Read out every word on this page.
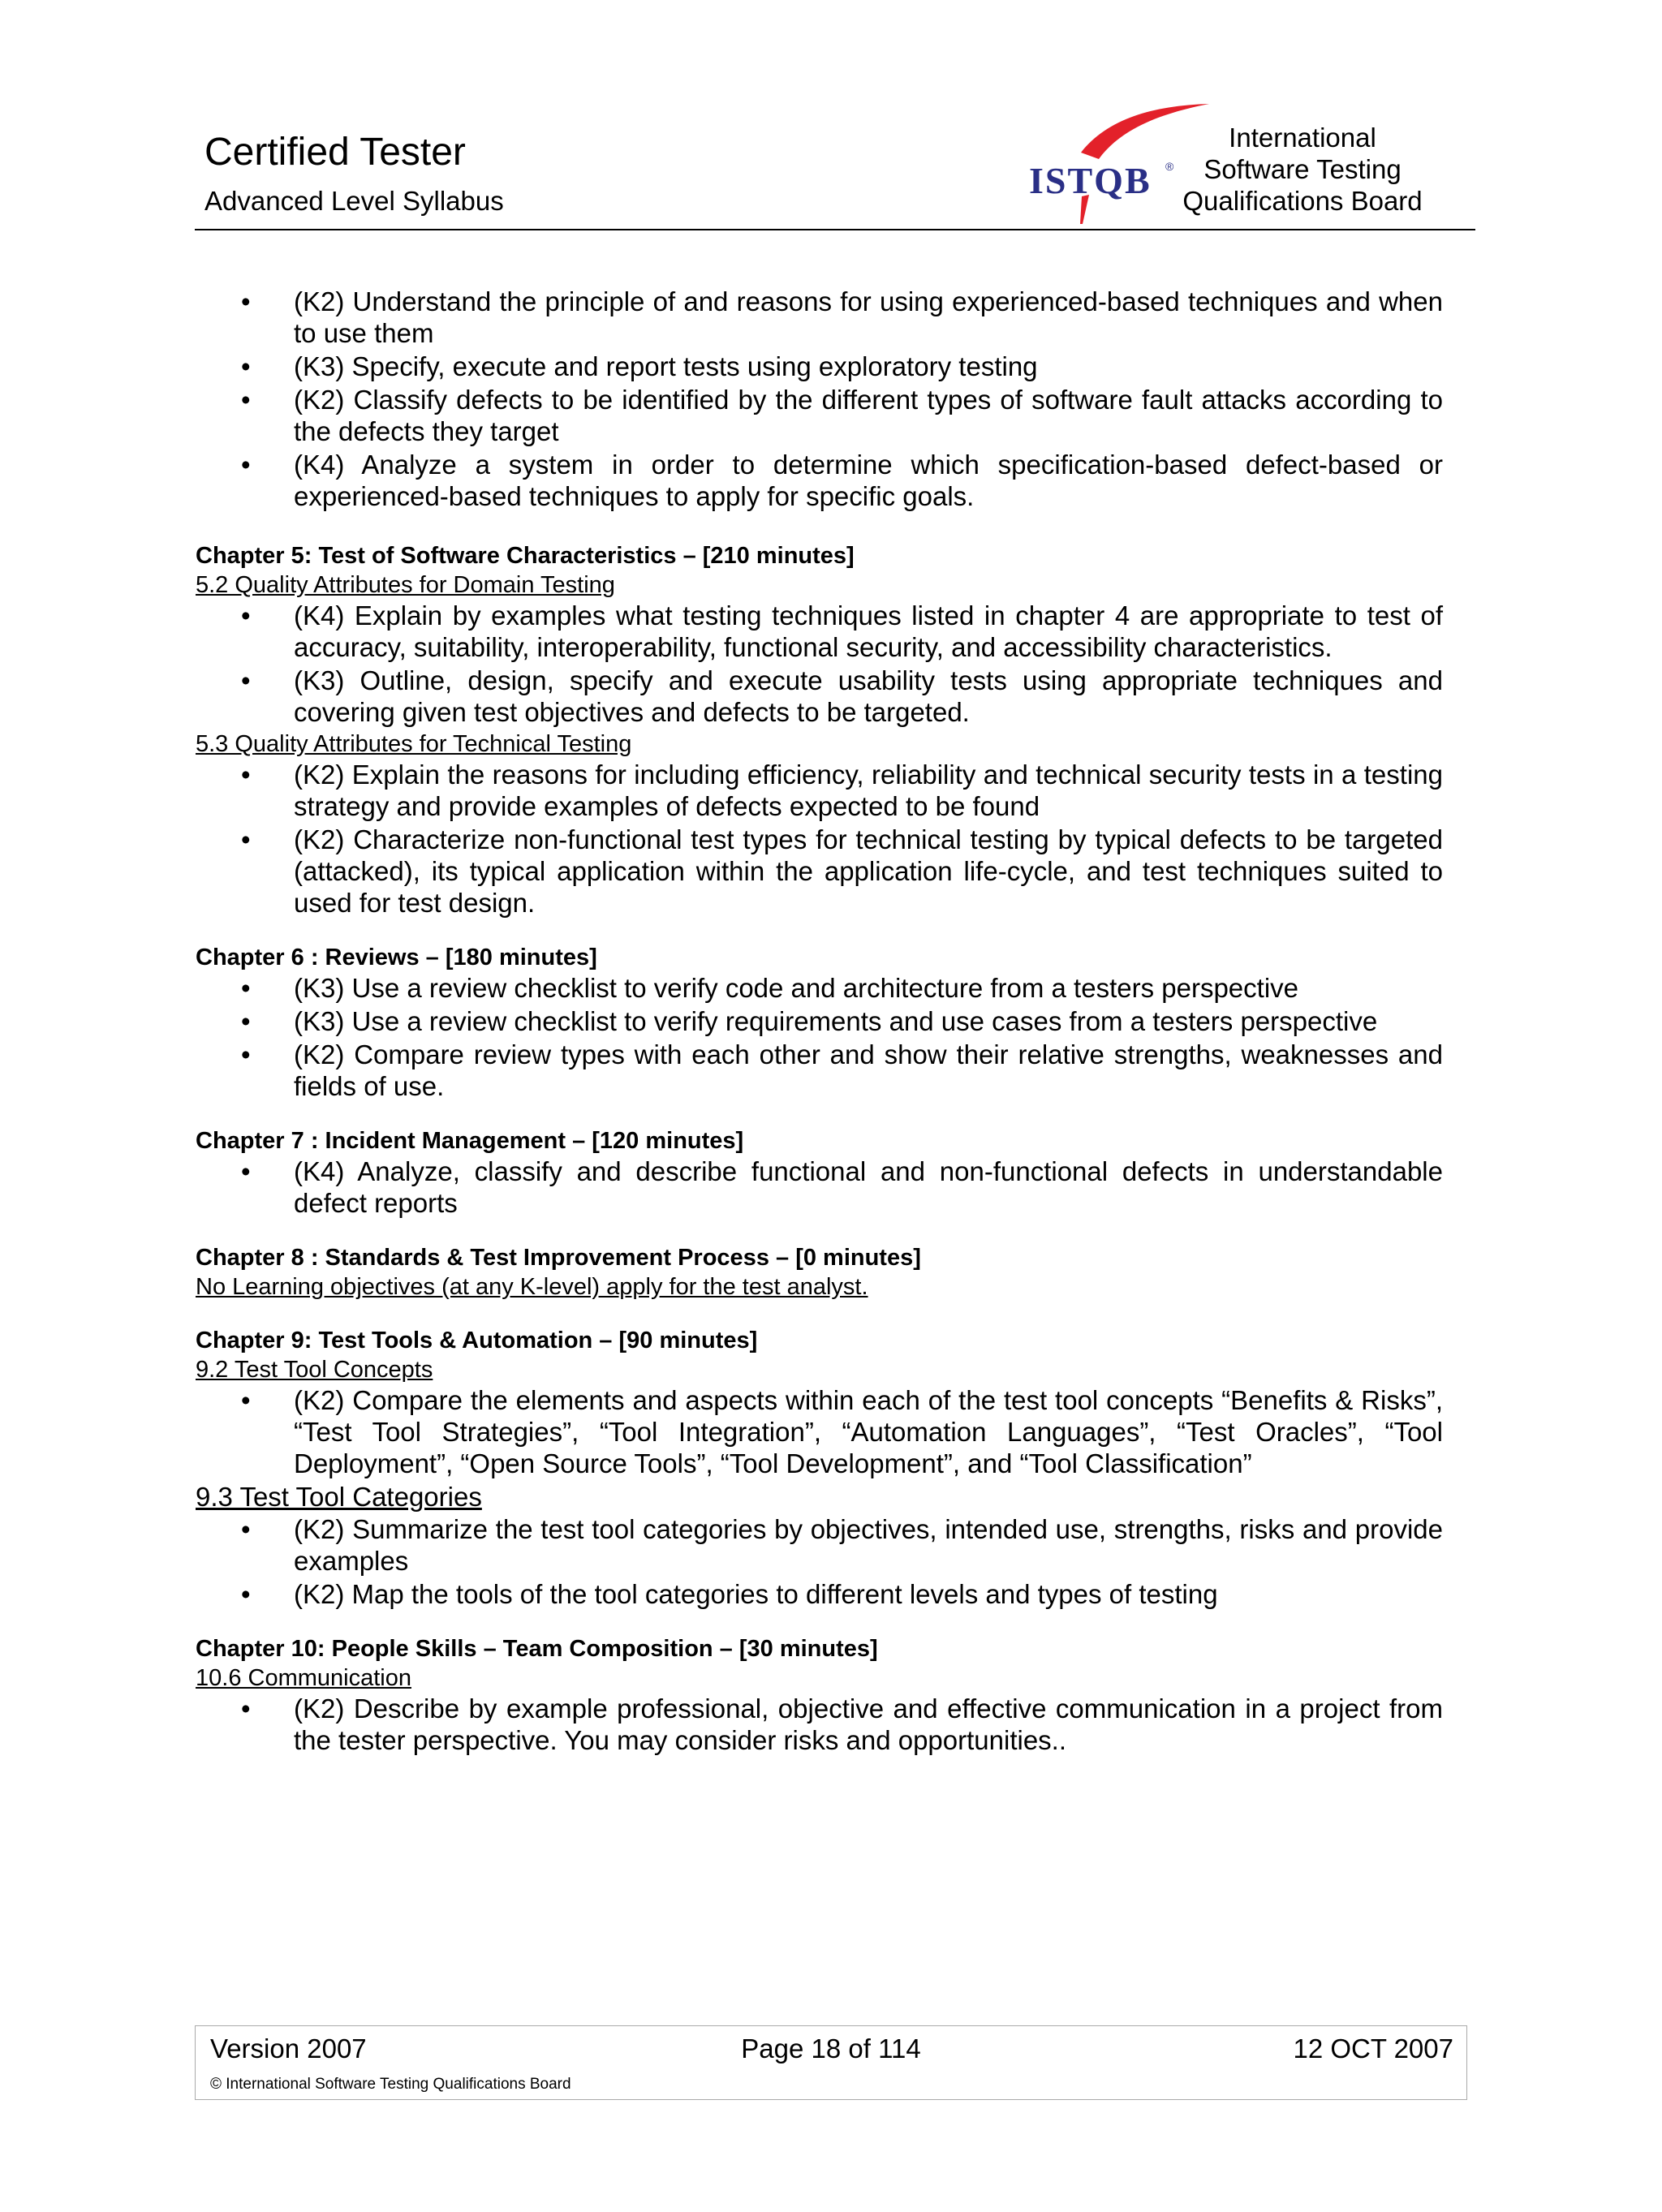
Certified Tester
Advanced Level Syllabus	ISTQB ®
International
Software Testing
Qualifications Board
•
(K2) Understand the principle of and reasons for using experienced-based techniques and when to use them
•
(K3) Specify, execute and report tests using exploratory testing
•
(K2) Classify defects to be identified by the different types of software fault attacks according to the defects they target
•
(K4) Analyze a system in order to determine which specification-based defect-based or experienced-based techniques to apply for specific goals.
Chapter 5: Test of Software Characteristics – [210 minutes]
5.2 Quality Attributes for Domain Testing
•
(K4) Explain by examples what testing techniques listed in chapter 4 are appropriate to test of accuracy, suitability, interoperability, functional security, and accessibility characteristics.
•
(K3) Outline, design, specify and execute usability tests using appropriate techniques and covering given test objectives and defects to be targeted.
5.3 Quality Attributes for Technical Testing
•
(K2) Explain the reasons for including efficiency, reliability and technical security tests in a testing strategy and provide examples of defects expected to be found
•
(K2) Characterize non-functional test types for technical testing by typical defects to be targeted (attacked), its typical application within the application life-cycle, and test techniques suited to used for test design.
Chapter 6 : Reviews – [180 minutes]
•
(K3) Use a review checklist to verify code and architecture from a testers perspective
•
(K3) Use a review checklist to verify requirements and use cases from a testers perspective
•
(K2) Compare review types with each other and show their relative strengths, weaknesses and fields of use.
Chapter 7 : Incident Management – [120 minutes]
•
(K4) Analyze, classify and describe functional and non-functional defects in understandable defect reports
Chapter 8 : Standards & Test Improvement Process – [0 minutes]
No Learning objectives (at any K-level) apply for the test analyst.
Chapter 9: Test Tools & Automation – [90 minutes]
9.2 Test Tool Concepts
•
(K2) Compare the elements and aspects within each of the test tool concepts “Benefits & Risks”, “Test Tool Strategies”, “Tool Integration”, “Automation Languages”, “Test Oracles”, “Tool Deployment”, “Open Source Tools”, “Tool Development”, and “Tool Classification”
9.3 Test Tool Categories
•
(K2) Summarize the test tool categories by objectives, intended use, strengths, risks and provide examples
•
(K2) Map the tools of the tool categories to different levels and types of testing
Chapter 10: People Skills – Team Composition – [30 minutes]
10.6 Communication
•
(K2) Describe by example professional, objective and effective communication in a project from the tester perspective. You may consider risks and opportunities..
Page 18 of 114
Version 2007	12 OCT 2007
© International Software Testing Qualifications Board
